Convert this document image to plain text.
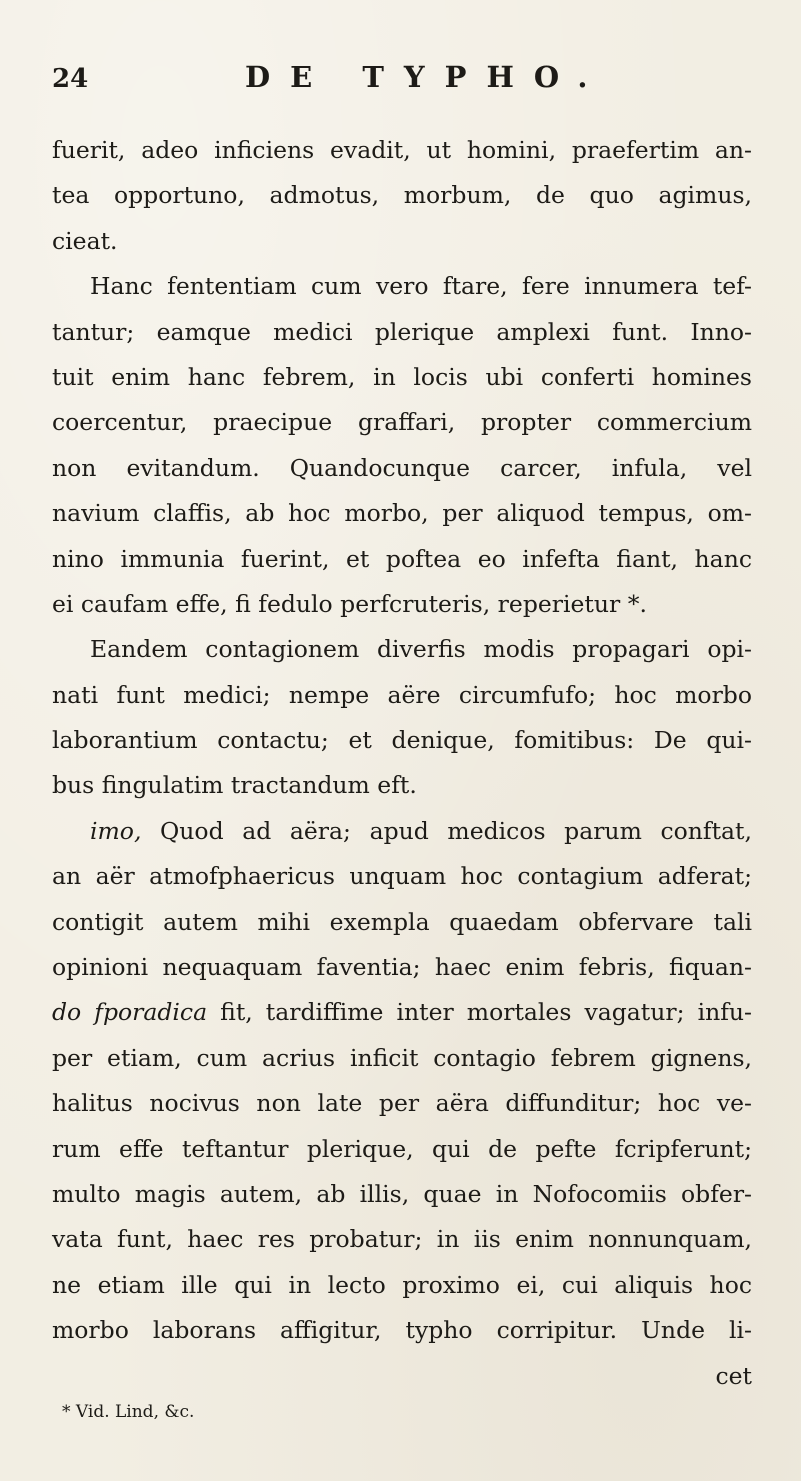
24	DE TYPHO.
fuerit, adeo inficiens evadit, ut homini, praefertim an-
tea opportuno, admotus, morbum, de quo agimus,
cieat.
Hanc fententiam cum vero ftare, fere innumera tef-
tantur; eamque medici plerique amplexi funt. Inno-
tuit enim hanc febrem, in locis ubi conferti homines
coercentur, praecipue graffari, propter commercium
non evitandum. Quandocunque carcer, infula, vel
navium claffis, ab hoc morbo, per aliquod tempus, om-
nino immunia fuerint, et poftea eo infefta fiant, hanc
ei caufam effe, fi fedulo perfcruteris, reperietur *.
Eandem contagionem diverfis modis propagari opi-
nati funt medici; nempe aëre circumfufo; hoc morbo
laborantium contactu; et denique, fomitibus: De qui-
bus fingulatim tractandum eft.
imo, Quod ad aëra; apud medicos parum conftat,
an aër atmofphaericus unquam hoc contagium adferat;
contigit autem mihi exempla quaedam obfervare tali
opinioni nequaquam faventia; haec enim febris, fiquan-
do fporadica fit, tardiffime inter mortales vagatur; infu-
per etiam, cum acrius inficit contagio febrem gignens,
halitus nocivus non late per aëra diffunditur; hoc ve-
rum effe teftantur plerique, qui de pefte fcripferunt;
multo magis autem, ab illis, quae in Nofocomiis obfer-
vata funt, haec res probatur; in iis enim nonnunquam,
ne etiam ille qui in lecto proximo ei, cui aliquis hoc
morbo laborans affigitur, typho corripitur. Unde li-
cet
* Vid. Lind, &c.
